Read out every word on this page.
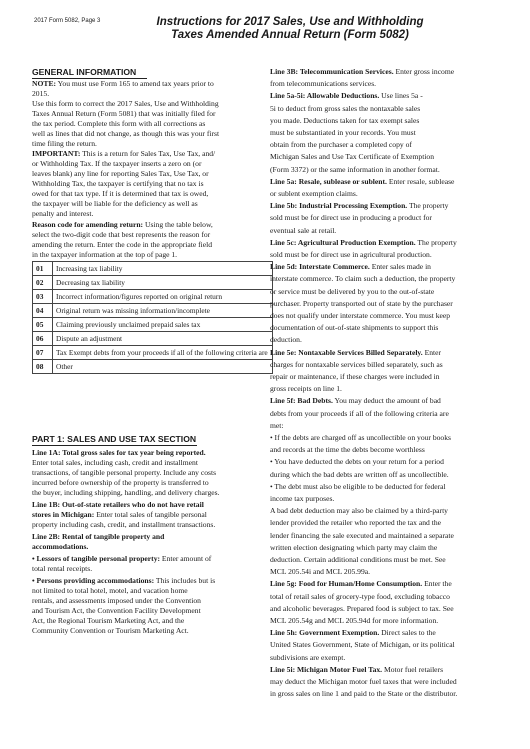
2017 Form 5082, Page 3	Instructions for 2017 Sales, Use and Withholding
Taxes Amended Annual Return (Form 5082)
GENERAL INFORMATION
NOTE: You must use Form 165 to amend tax years prior to
2015.
Use this form to correct the 2017 Sales, Use and Withholding
Taxes Annual Return (Form 5081) that was initially filed for
the tax period. Complete this form with all corrections as
well as lines that did not change, as though this was your first
time filing the return.
IMPORTANT: This is a return for Sales Tax, Use Tax, and/
or Withholding Tax. If the taxpayer inserts a zero on (or
leaves blank) any line for reporting Sales Tax, Use Tax, or
Withholding Tax, the taxpayer is certifying that no tax is
owed for that tax type. If it is determined that tax is owed,
the taxpayer will be liable for the deficiency as well as
penalty and interest.
Reason code for amending return: Using the table below,
select the two-digit code that best represents the reason for
amending the return. Enter the code in the appropriate field
in the taxpayer information at the top of page 1.
01	Increasing tax liability
02	Decreasing tax liability
03	Incorrect information/figures reported on original return
04	Original return was missing information/incomplete
05	Claiming previously unclaimed prepaid sales tax
06	Dispute an adjustment
07	Tax Exempt debts from your proceeds if all of the following criteria are
08	Other
PART 1: SALES AND USE TAX SECTION
Line 1A: Total gross sales for tax year being reported.
Enter total sales, including cash, credit and installment
transactions, of tangible personal property. Include any costs
incurred before ownership of the property is transferred to
the buyer, including shipping, handling, and delivery charges.
Line 1B: Out-of-state retailers who do not have retail
stores in Michigan: Enter total sales of tangible personal
property including cash, credit, and installment transactions.
Line 2B: Rental of tangible property and
accommodations.
• Lessors of tangible personal property: Enter amount of
total rental receipts.
• Persons providing accommodations: This includes but is
not limited to total hotel, motel, and vacation home
rentals, and assessments imposed under the Convention
and Tourism Act, the Convention Facility Development
Act, the Regional Tourism Marketing Act, and the
Community Convention or Tourism Marketing Act.
Line 3B: Telecommunication Services. Enter gross income
from telecommunications services.
Line 5a-5i: Allowable Deductions. Use lines 5a -
5i to deduct from gross sales the nontaxable sales
you made. Deductions taken for tax exempt sales
must be substantiated in your records. You must
obtain from the purchaser a completed copy of
Michigan Sales and Use Tax Certificate of Exemption
(Form 3372) or the same information in another format.
Line 5a: Resale, sublease or sublent. Enter resale, sublease
or sublent exemption claims.
Line 5b: Industrial Processing Exemption. The property
sold must be for direct use in producing a product for
eventual sale at retail.
Line 5c: Agricultural Production Exemption. The property
sold must be for direct use in agricultural production.
Line 5d: Interstate Commerce. Enter sales made in
interstate commerce. To claim such a deduction, the property
or service must be delivered by you to the out-of-state
purchaser. Property transported out of state by the purchaser
does not qualify under interstate commerce. You must keep
documentation of out-of-state shipments to support this
deduction.
Line 5e: Nontaxable Services Billed Separately. Enter
charges for nontaxable services billed separately, such as
repair or maintenance, if these charges were included in
gross receipts on line 1.
Line 5f: Bad Debts. You may deduct the amount of bad
debts from your proceeds if all of the following criteria are
met:
• If the debts are charged off as uncollectible on your books
and records at the time the debts become worthless
• You have deducted the debts on your return for a period
during which the bad debts are written off as uncollectible.
• The debt must also be eligible to be deducted for federal
income tax purposes.
A bad debt deduction may also be claimed by a third-party
lender provided the retailer who reported the tax and the
lender financing the sale executed and maintained a separate
written election designating which party may claim the
deduction. Certain additional conditions must be met. See
MCL 205.54i and MCL 205.99a.
Line 5g: Food for Human/Home Consumption. Enter the
total of retail sales of grocery-type food, excluding tobacco
and alcoholic beverages. Prepared food is subject to tax. See
MCL 205.54g and MCL 205.94d for more information.
Line 5h: Government Exemption. Direct sales to the
United States Government, State of Michigan, or its political
subdivisions are exempt.
Line 5i: Michigan Motor Fuel Tax. Motor fuel retailers
may deduct the Michigan motor fuel taxes that were included
in gross sales on line 1 and paid to the State or the distributor.
